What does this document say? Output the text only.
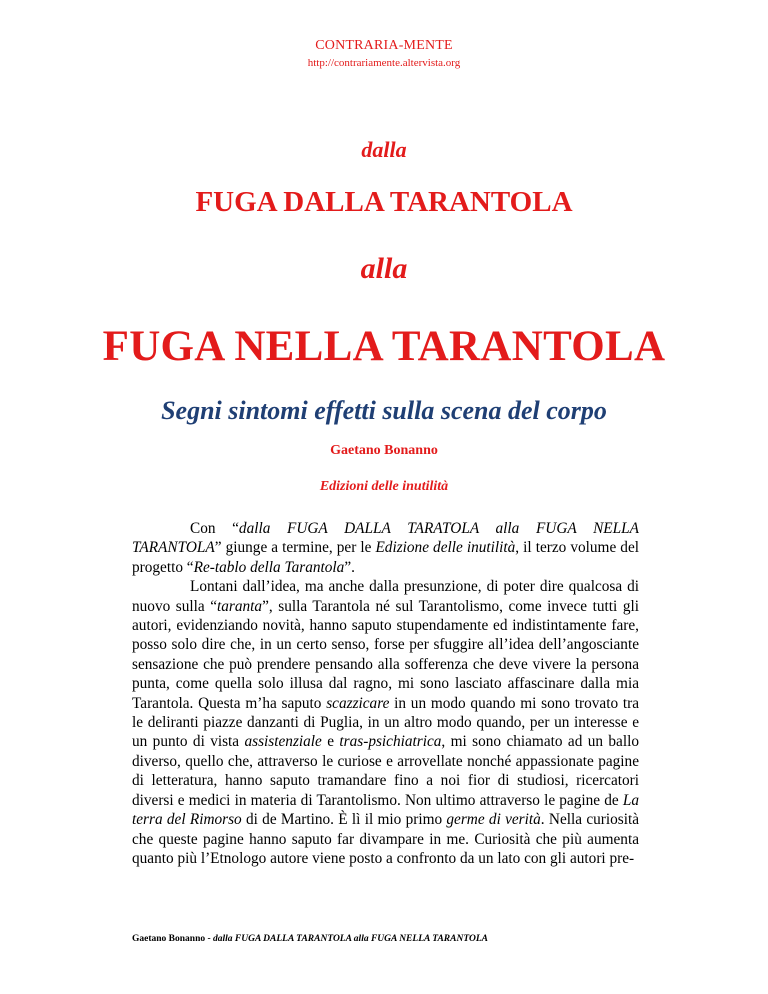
CONTRARIA-MENTE
http://contrariamente.altervista.org
dalla
FUGA DALLA TARANTOLA
alla
FUGA NELLA TARANTOLA
Segni sintomi effetti sulla scena del corpo
Gaetano Bonanno
Edizioni delle inutilità

Con “dalla FUGA DALLA TARATOLA alla FUGA NELLA TARANTOLA” giunge a termine, per le Edizione delle inutilità, il terzo volume del progetto “Re-tablo della Tarantola”.

Lontani dall’idea, ma anche dalla presunzione, di poter dire qualcosa di nuovo sulla “taranta”, sulla Tarantola né sul Tarantolismo, come invece tutti gli autori, evidenziando novità, hanno saputo stupendamente ed indistintamente fare, posso solo dire che, in un certo senso, forse per sfuggire all’idea dell’angosciante sensazione che può prendere pensando alla sofferenza che deve vivere la persona punta, come quella solo illusa dal ragno, mi sono lasciato affascinare dalla mia Tarantola. Questa m’ha saputo scazzicare in un modo quando mi sono trovato tra le deliranti piazze danzanti di Puglia, in un altro modo quando, per un interesse e un punto di vista assistenziale e tras-psichiatrica, mi sono chiamato ad un ballo diverso, quello che, attraverso le curiose e arrovellate nonché appassionate pagine di letteratura, hanno saputo tramandare fino a noi fior di studiosi, ricercatori diversi e medici in materia di Tarantolismo. Non ultimo attraverso le pagine de La terra del Rimorso di de Martino. È lì il mio primo germe di verità. Nella curiosità che queste pagine hanno saputo far divampare in me. Curiosità che più aumenta quanto più l’Etnologo autore viene posto a confronto da un lato con gli autori pre-

Gaetano Bonanno - dalla FUGA DALLA TARANTOLA alla FUGA NELLA TARANTOLA
